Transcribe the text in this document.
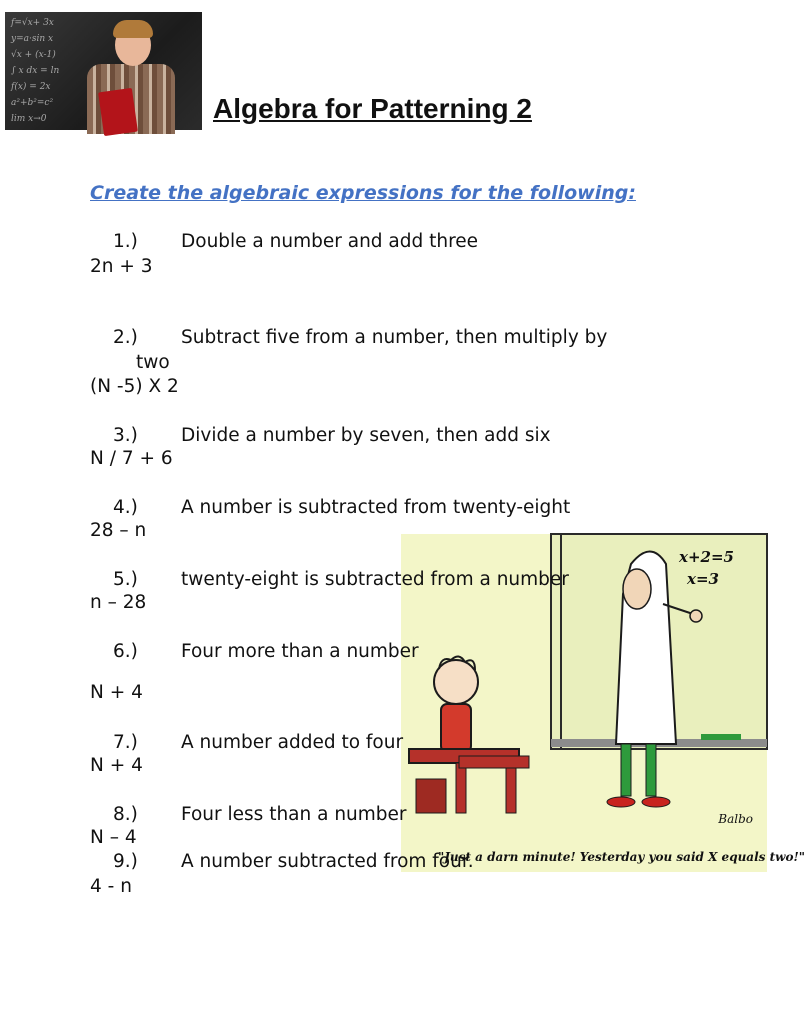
f=√x+ 3x
y=a·sin x
√x + (x-1)
∫ x dx = ln
f(x) = 2x
a²+b²=c²
lim x→0	Algebra for Patterning 2

Create the algebraic expressions for the following:

1.) Double a number and add three
2n + 3
2.) Subtract five from a number, then multiply by
two
(N -5) X 2
3.) Divide a number by seven, then add six
N / 7 + 6
4.) A number is subtracted from twenty-eight
28 – n
x+2=5
x=3
Balbo
"Just a darn minute! Yesterday you said X equals two!"
5.) twenty-eight is subtracted from a number
n – 28
6.) Four more than a number
N + 4
7.) A number added to four
N + 4
8.) Four less than a number
N – 4
9.) A number subtracted from four.
4 - n
